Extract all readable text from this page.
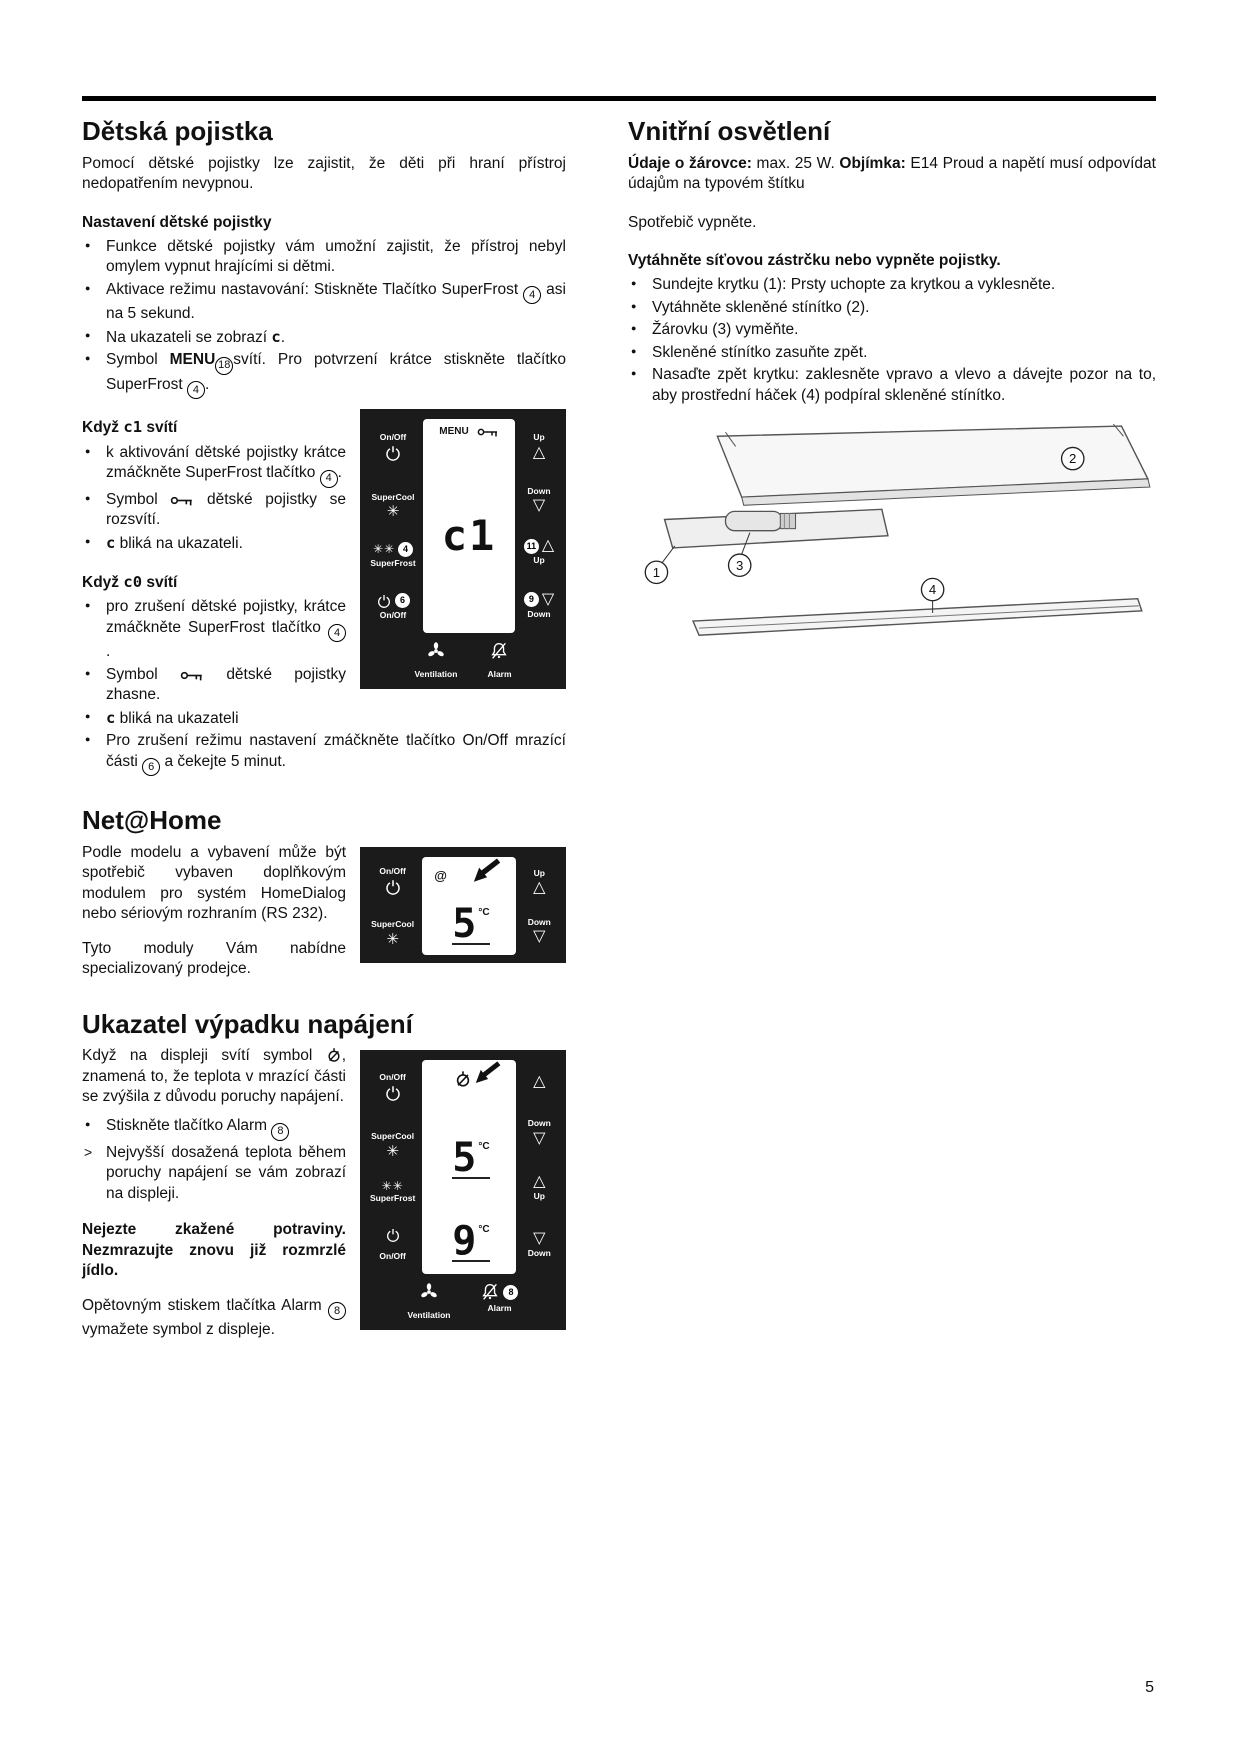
Dětská pojistka

Pomocí dětské pojistky lze zajistit, že děti při hraní přístroj nedopatřením nevypnou.

Nastavení dětské pojistky

● Funkce dětské pojistky vám umožní zajistit, že přístroj nebyl omylem vypnut hrajícími si dětmi.
● Aktivace režimu nastavování: Stiskněte Tlačítko SuperFrost 4 asi na 5 sekund.
● Na ukazateli se zobrazí c.
● Symbol MENU 18 svítí. Pro potvrzení krátce stiskněte tlačítko SuperFrost 4 .
On/Off
SuperCool
✳
✳✳ 4
SuperFrost
6
On/Off
MENU
c1
Up
△
Down
▽
11 △
Up
9 ▽
Down
Ventilation	Alarm

Když c1 svítí

● k aktivování dětské pojistky krátce zmáčkněte SuperFrost tlačítko 4 .
● Symbol	dětské pojistky se rozsvítí.
● c bliká na ukazateli.

Když c0 svítí

● pro zrušení dětské pojistky, krátce zmáčkněte SuperFrost tlačítko 4 .
● Symbol	dětské pojistky zhasne.
● c bliká na ukazateli
● Pro zrušení režimu nastavení zmáčkněte tlačítko On/Off mrazící části 6 a čekejte 5 minut.
Net@Home
On/Off
SuperCool
✳
@
5 °C
Up
△
Down
▽

Podle modelu a vybavení může být spotřebič vybaven doplňkovým modulem pro systém HomeDialog nebo sériovým rozhraním (RS 232).

Tyto moduly Vám nabídne specializovaný prodejce.

Ukazatel výpadku napájení
On/Off
SuperCool
✳
✳✳
SuperFrost
On/Off
5 °C
9 °C
△
Down
▽
△
Up
▽
Down
Ventilation
8
Alarm

Když na displeji svítí symbol , znamená to, že teplota v mrazící části se zvýšila z důvodu poruchy napájení.

● Stiskněte tlačítko Alarm 8
> Nejvyšší dosažená teplota během poruchy napájení se vám zobrazí na displeji.

Nejezte zkažené potraviny. Nezmrazujte znovu již rozmrzlé jídlo.

Opětovným stiskem tlačítka Alarm 8 vymažete symbol z displeje.

Vnitřní osvětlení

Údaje o žárovce: max. 25 W. Objímka: E14 Proud a napětí musí odpovídat údajům na typovém štítku

Spotřebič vypněte.

Vytáhněte síťovou zástrčku nebo vypněte pojistky.

● Sundejte krytku (1): Prsty uchopte za krytkou a vyklesněte.
● Vytáhněte skleněné stínítko (2).
● Žárovku (3) vyměňte.
● Skleněné stínítko zasuňte zpět.
● Nasaďte zpět krytku: zaklesněte vpravo a vlevo a dávejte pozor na to, aby prostřední háček (4) podpíral skleněné stínítko.
1
2
3
4
5
